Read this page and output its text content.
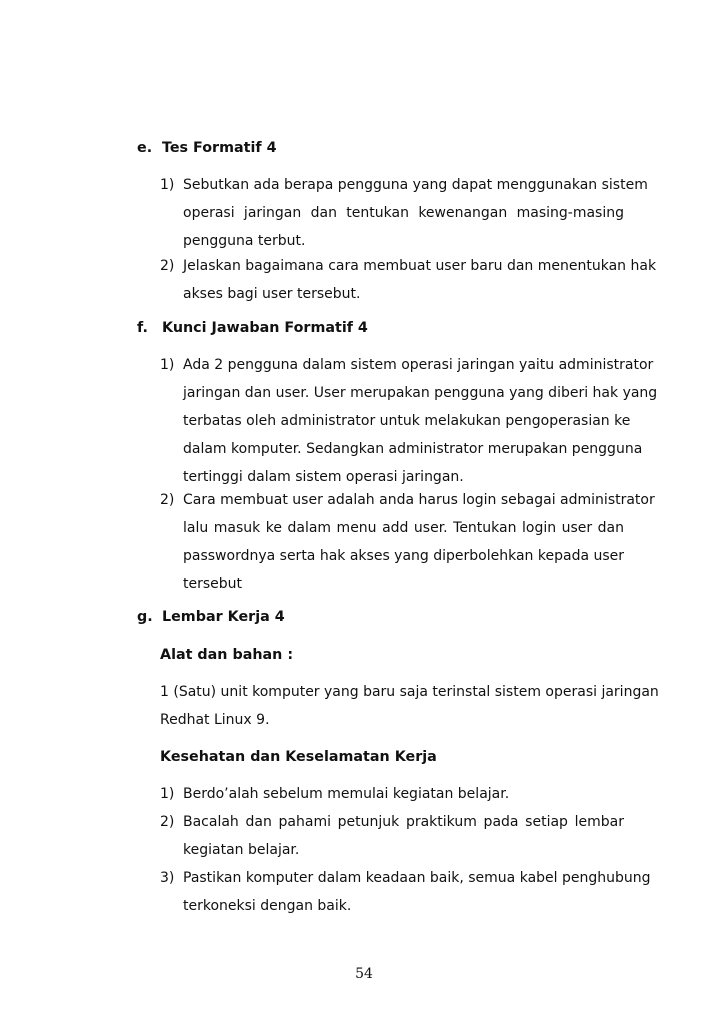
e. Tes Formatif 4
1) Sebutkan ada berapa pengguna yang dapat menggunakan sistem
operasi jaringan dan tentukan kewenangan masing-masing
pengguna terbut.
2) Jelaskan bagaimana cara membuat user baru dan menentukan hak
akses bagi user tersebut.
f. Kunci Jawaban Formatif 4
1) Ada 2 pengguna dalam sistem operasi jaringan yaitu administrator
jaringan dan user. User merupakan pengguna yang diberi hak yang
terbatas oleh administrator untuk melakukan pengoperasian ke
dalam komputer. Sedangkan administrator merupakan pengguna
tertinggi dalam sistem operasi jaringan.
2) Cara membuat user adalah anda harus login sebagai administrator
lalu masuk ke dalam menu add user. Tentukan login user dan
passwordnya serta hak akses yang diperbolehkan kepada user
tersebut
g. Lembar Kerja 4
Alat dan bahan :
1 (Satu) unit komputer yang baru saja terinstal sistem operasi jaringan
Redhat Linux 9.
Kesehatan dan Keselamatan Kerja
1) Berdo’alah sebelum memulai kegiatan belajar.
2) Bacalah dan pahami petunjuk praktikum pada setiap lembar
kegiatan belajar.
3) Pastikan komputer dalam keadaan baik, semua kabel penghubung
terkoneksi dengan baik.
54
